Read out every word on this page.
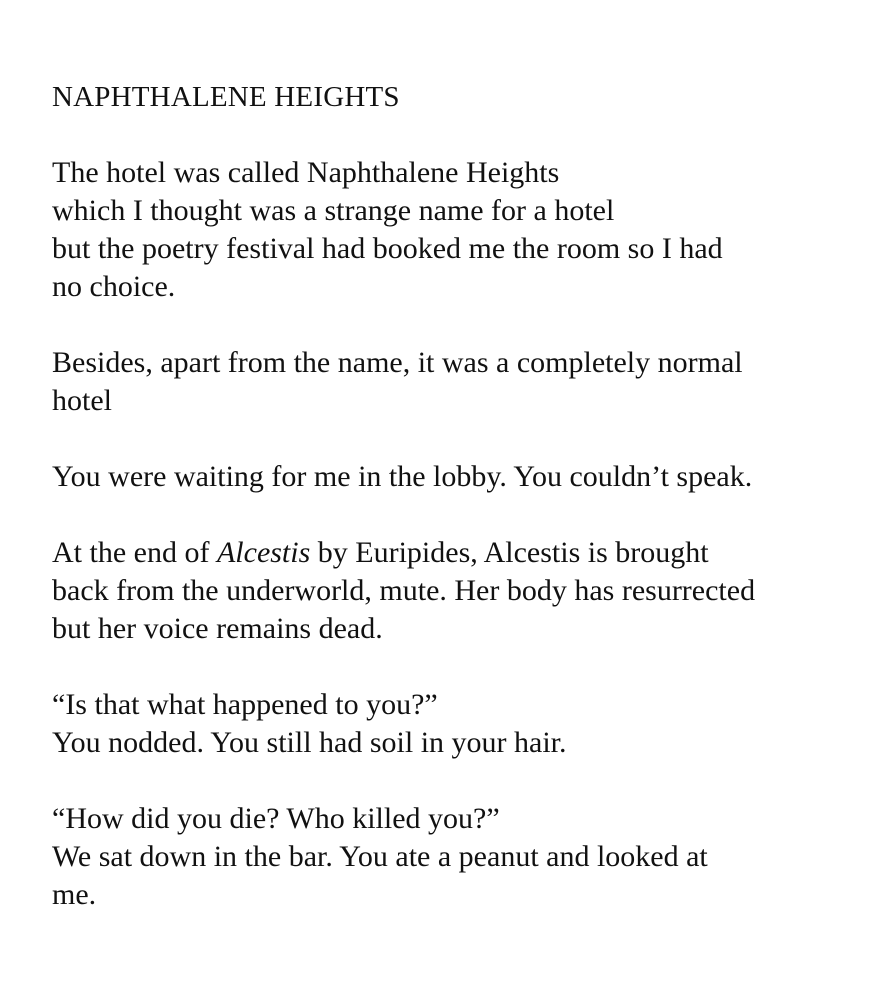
NAPHTHALENE HEIGHTS
The hotel was called Naphthalene Heights
which I thought was a strange name for a hotel
but the poetry festival had booked me the room so I had
no choice.
Besides, apart from the name, it was a completely normal
hotel
You were waiting for me in the lobby. You couldn’t speak.
At the end of Alcestis by Euripides, Alcestis is brought
back from the underworld, mute. Her body has resurrected
but her voice remains dead.
“Is that what happened to you?”
You nodded. You still had soil in your hair.
“How did you die? Who killed you?”
We sat down in the bar. You ate a peanut and looked at
me.
